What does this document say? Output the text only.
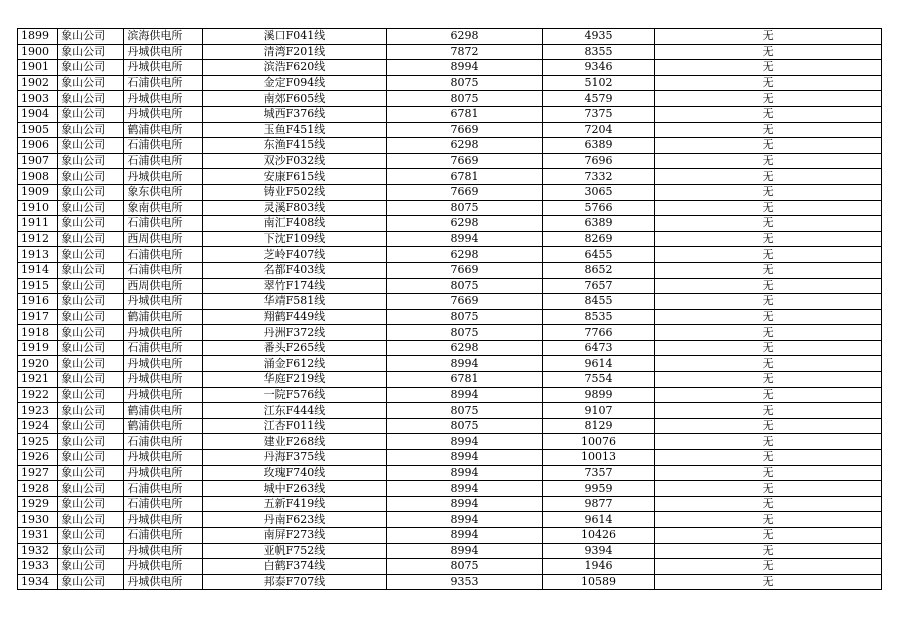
1899	象山公司	滨海供电所	溪口F041线	6298	4935	无
1900	象山公司	丹城供电所	清湾F201线	7872	8355	无
1901	象山公司	丹城供电所	滨浩F620线	8994	9346	无
1902	象山公司	石浦供电所	金定F094线	8075	5102	无
1903	象山公司	丹城供电所	南郊F605线	8075	4579	无
1904	象山公司	丹城供电所	城西F376线	6781	7375	无
1905	象山公司	鹤浦供电所	玉鱼F451线	7669	7204	无
1906	象山公司	石浦供电所	东渔F415线	6298	6389	无
1907	象山公司	石浦供电所	双沙F032线	7669	7696	无
1908	象山公司	丹城供电所	安康F615线	6781	7332	无
1909	象山公司	象东供电所	铸业F502线	7669	3065	无
1910	象山公司	象南供电所	灵溪F803线	8075	5766	无
1911	象山公司	石浦供电所	南汇F408线	6298	6389	无
1912	象山公司	西周供电所	下沈F109线	8994	8269	无
1913	象山公司	石浦供电所	芝岭F407线	6298	6455	无
1914	象山公司	石浦供电所	名都F403线	7669	8652	无
1915	象山公司	西周供电所	翠竹F174线	8075	7657	无
1916	象山公司	丹城供电所	华靖F581线	7669	8455	无
1917	象山公司	鹤浦供电所	翔鹤F449线	8075	8535	无
1918	象山公司	丹城供电所	丹洲F372线	8075	7766	无
1919	象山公司	石浦供电所	番头F265线	6298	6473	无
1920	象山公司	丹城供电所	涌金F612线	8994	9614	无
1921	象山公司	丹城供电所	华庭F219线	6781	7554	无
1922	象山公司	丹城供电所	一院F576线	8994	9899	无
1923	象山公司	鹤浦供电所	江东F444线	8075	9107	无
1924	象山公司	鹤浦供电所	江杏F011线	8075	8129	无
1925	象山公司	石浦供电所	建业F268线	8994	10076	无
1926	象山公司	丹城供电所	丹海F375线	8994	10013	无
1927	象山公司	丹城供电所	玫瑰F740线	8994	7357	无
1928	象山公司	石浦供电所	城中F263线	8994	9959	无
1929	象山公司	石浦供电所	五新F419线	8994	9877	无
1930	象山公司	丹城供电所	丹南F623线	8994	9614	无
1931	象山公司	石浦供电所	南屏F273线	8994	10426	无
1932	象山公司	丹城供电所	亚帆F752线	8994	9394	无
1933	象山公司	丹城供电所	白鹤F374线	8075	1946	无
1934	象山公司	丹城供电所	邦泰F707线	9353	10589	无
